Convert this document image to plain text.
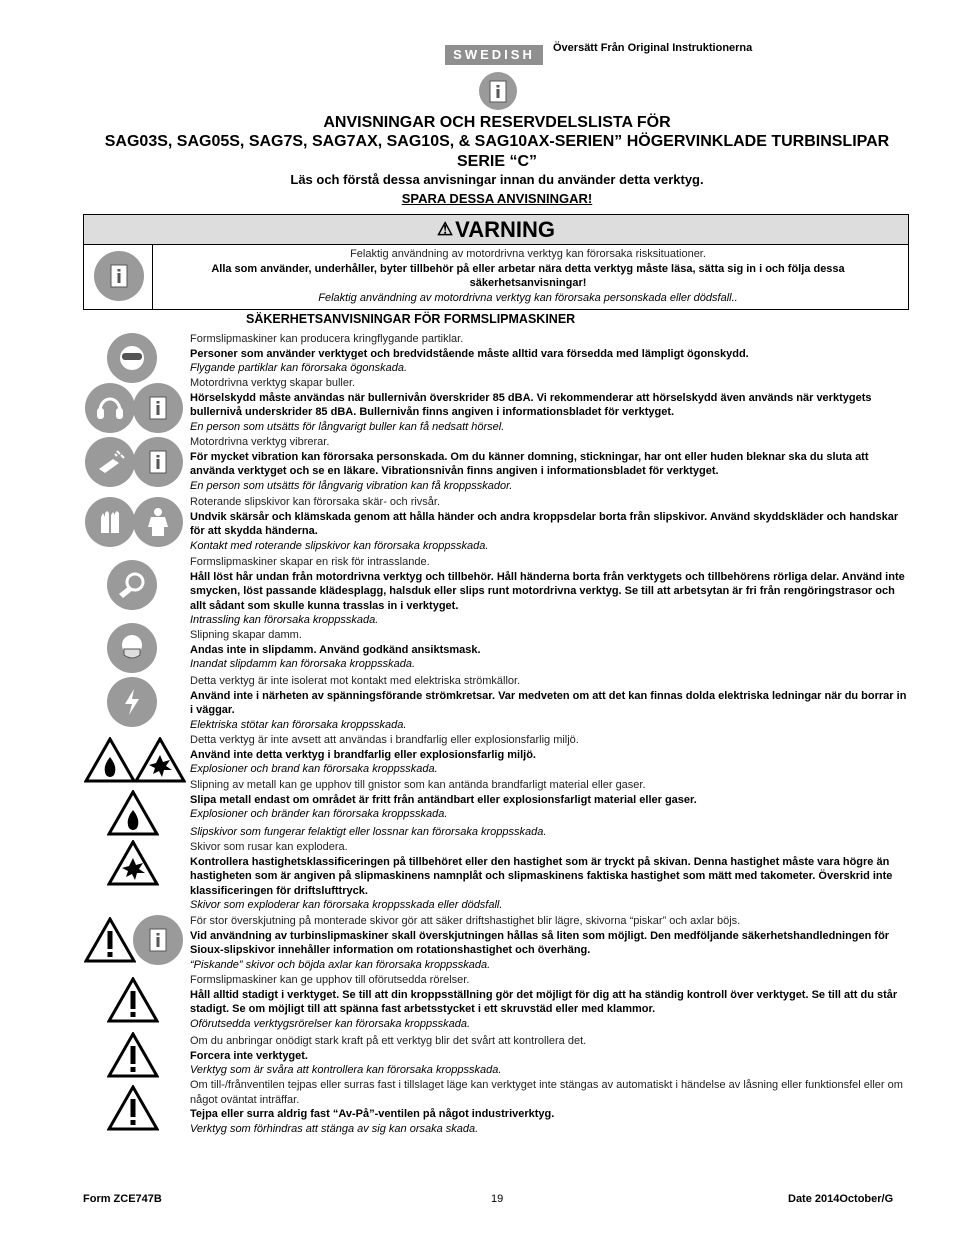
SWEDISH	Översätt Från Original Instruktionerna
ANVISNINGAR OCH RESERVDELSLISTA FÖR
SAG03S, SAG05S, SAG7S, SAG7AX, SAG10S, & SAG10AX-SERIEN” HÖGERVINKLADE TURBINSLIPAR
SERIE “C”
Läs och förstå dessa anvisningar innan du använder detta verktyg.
SPARA DESSA ANVISNINGAR!
⚠ VARNING
Felaktig användning av motordrivna verktyg kan förorsaka risksituationer.
Alla som använder, underhåller, byter tillbehör på eller arbetar nära detta verktyg måste läsa, sätta sig in i och följa dessa säkerhetsanvisningar!
Felaktig användning av motordrivna verktyg kan förorsaka personskada eller dödsfall..
SÄKERHETSANVISNINGAR FÖR FORMSLIPMASKINER
Formslipmaskiner kan producera kringflygande partiklar.
Personer som använder verktyget och bredvidstående måste alltid vara försedda med lämpligt ögonskydd.
Flygande partiklar kan förorsaka ögonskada.
Motordrivna verktyg skapar buller.
Hörselskydd måste användas när bullernivån överskrider 85 dBA. Vi rekommenderar att hörselskydd även används när verktygets bullernivå underskrider 85 dBA. Bullernivån finns angiven i informationsbladet för verktyget.
En person som utsätts för långvarigt buller kan få nedsatt hörsel.
Motordrivna verktyg vibrerar.
För mycket vibration kan förorsaka personskada. Om du känner domning, stickningar, har ont eller huden bleknar ska du sluta att använda verktyget och se en läkare. Vibrationsnivån finns angiven i informationsbladet för verktyget.
En person som utsätts för långvarig vibration kan få kroppsskador.
Roterande slipskivor kan förorsaka skär- och rivsår.
Undvik skärsår och klämskada genom att hålla händer och andra kroppsdelar borta från slipskivor. Använd skyddskläder och handskar för att skydda händerna.
Kontakt med roterande slipskivor kan förorsaka kroppsskada.
Formslipmaskiner skapar en risk för intrasslande.
Håll löst hår undan från motordrivna verktyg och tillbehör. Håll händerna borta från verktygets och tillbehörens rörliga delar. Använd inte smycken, löst passande klädesplagg, halsduk eller slips runt motordrivna verktyg. Se till att arbetsytan är fri från rengöringstrasor och allt sådant som skulle kunna trasslas in i verktyget.
Intrassling kan förorsaka kroppsskada.
Slipning skapar damm.
Andas inte in slipdamm. Använd godkänd ansiktsmask.
Inandat slipdamm kan förorsaka kroppsskada.
Detta verktyg är inte isolerat mot kontakt med elektriska strömkällor.
Använd inte i närheten av spänningsförande strömkretsar. Var medveten om att det kan finnas dolda elektriska ledningar när du borrar in i väggar.
Elektriska stötar kan förorsaka kroppsskada.
Detta verktyg är inte avsett att användas i brandfarlig eller explosionsfarlig miljö.
Använd inte detta verktyg i brandfarlig eller explosionsfarlig miljö.
Explosioner och brand kan förorsaka kroppsskada.
Slipning av metall kan ge upphov till gnistor som kan antända brandfarligt material eller gaser.
Slipa metall endast om området är fritt från antändbart eller explosionsfarligt material eller gaser.
Explosioner och bränder kan förorsaka kroppsskada.
Slipskivor som fungerar felaktigt eller lossnar kan förorsaka kroppsskada.
Skivor som rusar kan explodera.
Kontrollera hastighetsklassificeringen på tillbehöret eller den hastighet som är tryckt på skivan. Denna hastighet måste vara högre än hastigheten som är angiven på slipmaskinens namnplåt och slipmaskinens faktiska hastighet som mätt med takometer. Överskrid inte klassificeringen för driftslufttryck.
Skivor som exploderar kan förorsaka kroppsskada eller dödsfall.
För stor överskjutning på monterade skivor gör att säker driftshastighet blir lägre, skivorna “piskar” och axlar böjs.
Vid användning av turbinslipmaskiner skall överskjutningen hållas så liten som möjligt. Den medföljande säkerhetshandledningen för Sioux-slipskivor innehåller information om rotationshastighet och överhäng.
“Piskande” skivor och böjda axlar kan förorsaka kroppsskada.
Formslipmaskiner kan ge upphov till oförutsedda rörelser.
Håll alltid stadigt i verktyget. Se till att din kroppsställning gör det möjligt för dig att ha ständig kontroll över verktyget. Se till att du står stadigt. Se om möjligt till att spänna fast arbetsstycket i ett skruvstäd eller med klammor.
Oförutsedda verktygsrörelser kan förorsaka kroppsskada.
Om du anbringar onödigt stark kraft på ett verktyg blir det svårt att kontrollera det.
Forcera inte verktyget.
Verktyg som är svåra att kontrollera kan förorsaka kroppsskada.
Om till-/frånventilen tejpas eller surras fast i tillslaget läge kan verktyget inte stängas av automatiskt i händelse av låsning eller funktionsfel eller om något oväntat inträffar.
Tejpa eller surra aldrig fast “Av-På”-ventilen på något industriverktyg.
Verktyg som förhindras att stänga av sig kan orsaka skada.
Form ZCE747B	19	Date 2014October/G
